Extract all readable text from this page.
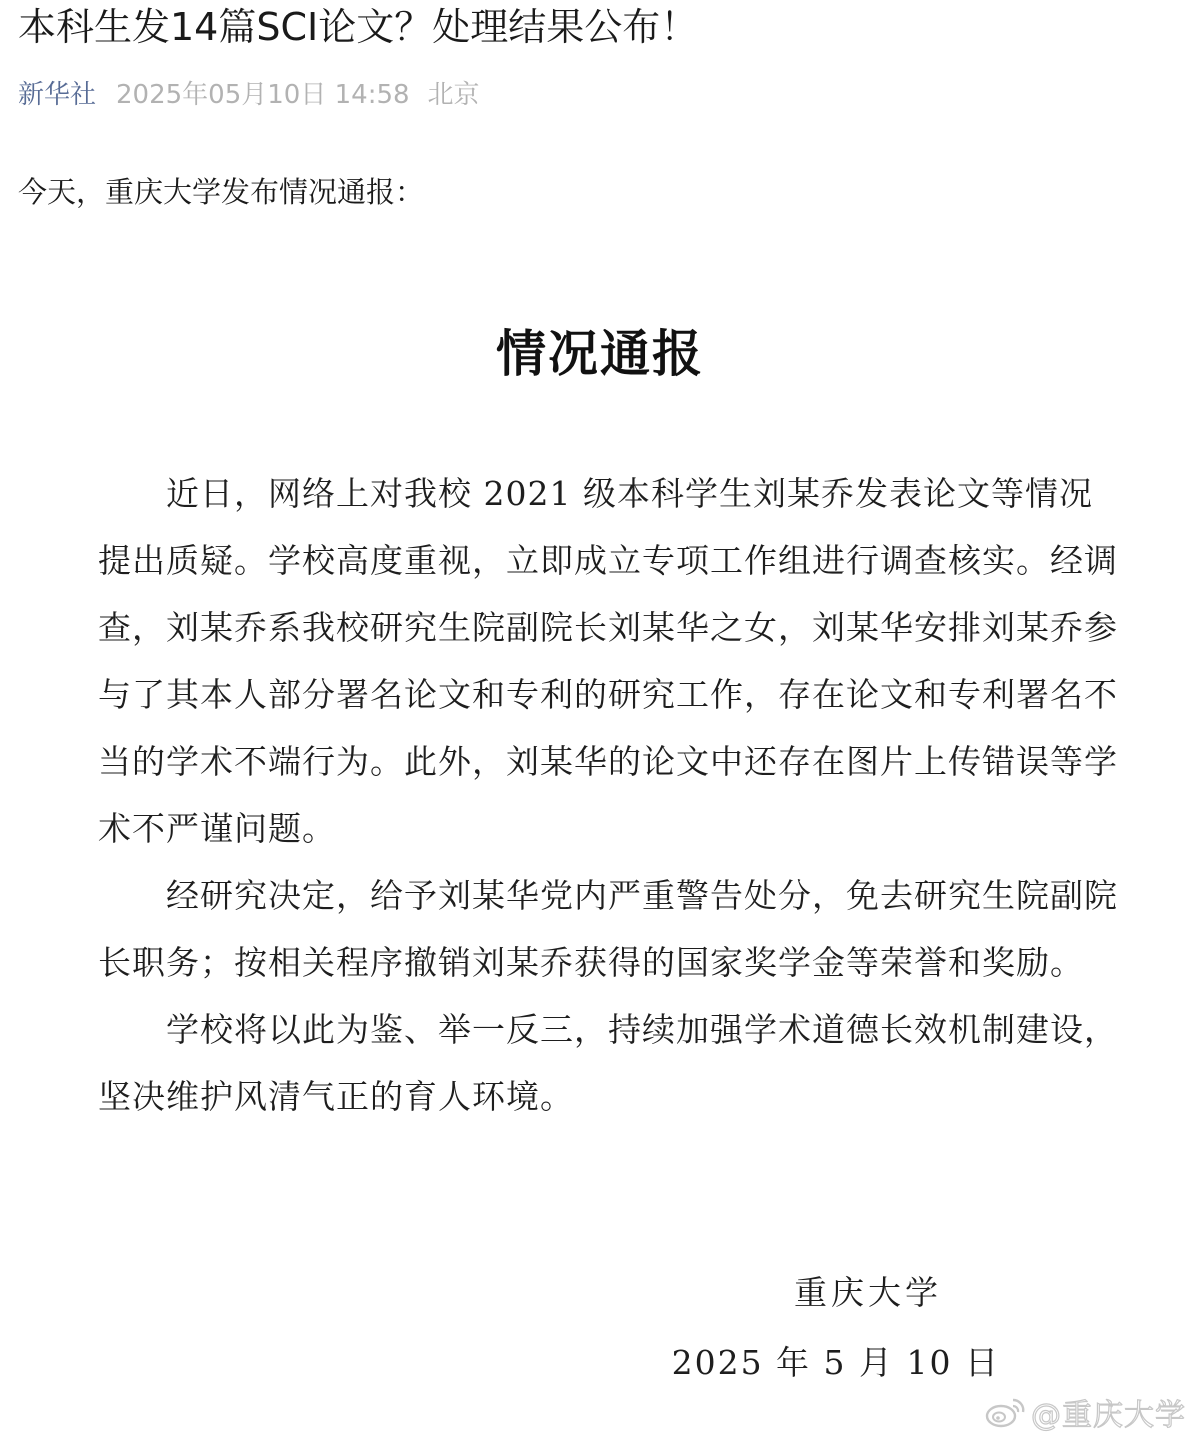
本科生发14篇SCI论文？处理结果公布！
新华社 2025年05月10日 14:58 北京
今天，重庆大学发布情况通报：
情况通报

近日，网络上对我校 2021 级本科学生刘某乔发表论文等情况提出质疑。学校高度重视，立即成立专项工作组进行调查核实。经调查，刘某乔系我校研究生院副院长刘某华之女，刘某华安排刘某乔参与了其本人部分署名论文和专利的研究工作，存在论文和专利署名不当的学术不端行为。此外，刘某华的论文中还存在图片上传错误等学术不严谨问题。

经研究决定，给予刘某华党内严重警告处分，免去研究生院副院长职务；按相关程序撤销刘某乔获得的国家奖学金等荣誉和奖励。

学校将以此为鉴、举一反三，持续加强学术道德长效机制建设，坚决维护风清气正的育人环境。

重庆大学
2025 年 5 月 10 日
@重庆大学
